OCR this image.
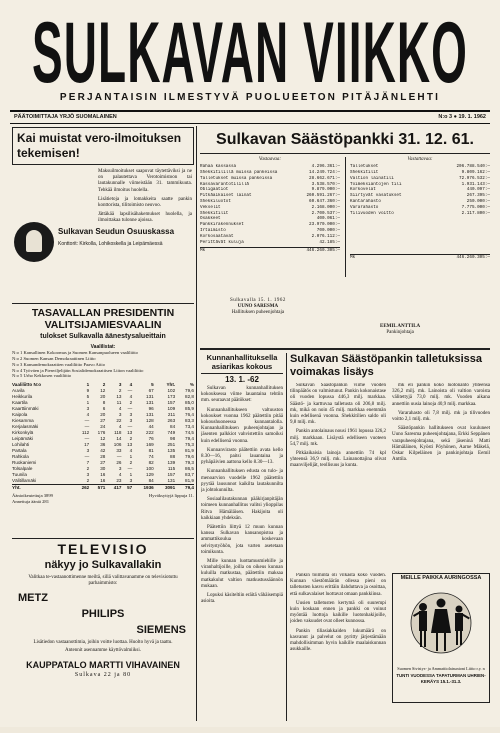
SULKAVAN VIIKKO
PERJANTAISIN ILMESTYVÄ PUOLUEETON PITÄJÄNLEHTI
PÄÄTOIMITTAJA YRJÖ SUOMALAINEN	N:o 3 ● 19. 1. 1962
Kai muistat vero-ilmoituksen tekemisen!

Maksuilmoitukset saapuvat täytettäviksi ja ne on palautettava Verotoimistoon tai lautakunnalle viimeistään 31. tammikuuta. Tehkää ilmoitus huolella.

Lisätietoja ja lomakkeita saatte pankin konttorista, tilitoimisto neuvoo.

Jättäkää lapsilisähakemukset huolella, ja ilmoittakaa tulonne ajoissa.

Sulkavan Seudun Osuuskassa
Konttorit: Kirkolla, Lohikoskella ja Leipämäessä
TASAVALLAN PRESIDENTIN VALITSIJAMIESVAALIN
tulokset Sulkavalla äänestysalueittain
Vaalilistat:
N:o 1 Kansallinen Kokoomus ja Suomen Kansanpuolueen vaaliliitto
N:o 2 Suomen Kansan Demokraattinen Liitto
N:o 3 Kansandemokraattien vaaliliitto Paavo Aitio
N:o 4 Työväen ja Pienviljelijäin Sosialidemokraattisen Liiton vaaliliitto
N:o 5 Urho Kekkosen vaaliliitto
Vaaliliitto N:o	1	2	3	4	5	Yht.	%
Auvila	9	12	2	—	67	102	79,6
Heikkurila	5	20	13	4	131	173	82,8
Kaartila	1	8	11	2	131	157	85,0
Kaarttiinmäki	3	6	4	—	96	109	85,9
Kaipola	4	20	3	3	131	211	76,4
Kiesamma	—	27	22	3	128	263	83,3
Kerjalasmäki	—	24	4	—	44	84	73,4
Kirkonkylä	112	176	118	13	222	749	74,5
Leipämäki	—	12	14	2	76	98	79,4
Lohilahti	17	36	106	13	169	251	75,3
Partala	3	42	33	4	81	135	81,9
Rahkola	—	28	—	1	74	88	79,6
Ruokaniemi	7	27	26	2	82	139	79,3
Tolsalpale	2	30	3	—	100	115	86,5
Tuunila	3	16	4	1	129	157	83,7
Välitillamäki	2	16	23	3	84	131	81,9
Yht.	262	571	417	57	1936	3091	79,4
Äänioikeutettuja 3899	Hyväksyttyjä lippuja 11.
Annettuja ääniä 281
TELEVISIO
näkyy jo Sulkavallakin
Valitkaa te-vastaanottimenne meiltä, sillä valittavanamme on televisiotuttu parhaimmisto:
METZ
PHILIPS
SIEMENS
Lisätiedon vastaanottimia, joihin voitte luottaa. Huolto hyvä ja taattu.
Antennit asennamme käyttövalmiiksi.
KAUPPATALO MARTTI VIHAVAINEN
Sulkava 22 ja 80
Sulkavan Säästöpankki 31. 12. 61.
Vastaavaa:
Rahaa kassassa	4.296.361:—
Shekkitilillä muissa pankeissa	14.249.724:—
Talletukset muissa pankeissa	28.662.671:—
Kassavarantotilillä	3.538.570:—
Obligaatiot	9.879.000:—
Pitkäaikaiset lainat	260.591.267:—
Shekkiluotot	60.647.360:—
Vekselit	2.168.000:—
Shekkitilit	2.700.537:—
Osakkeet	400.061:—
Pankkirakennukset	23.970.000:—
Irtaimisto	700.000:—
Korkosaatavat	2.076.112:—
Perittävät kuluja	42.185:—
Mk	446.260.305:—
Vastattavaa:
Talletukset	206.788.540:—
Shekkitilit	9.809.162:—
Valtion lainatili	72.976.532:—
Toimeksiantojen tili	1.931.143:—
Korkovelat	440.097:—
Siirtyvät vasatukset	267.395:—
Kantarahasto	250.000:—
Vararahasto	7.775.000:—
Tilivuoden voitto	2.117.800:—
Mk	446.260.305:—
Sulkavalla 15. 1. 1962
UUNO SARESMA
Hallituksen puheenjohtaja
EEMIL ANTTILA
Pankinjohtaja
Kunnanhallituksella asiarikas kokous
13. 1. -62

Sulkavan kunnanhallituksen kokouksessa viime lauantaina tehtiin mm. seuraavat päätökset:

Kunnanhallitukseen valtuuston kokoukset vuonna 1962 päätettiin pitää kokoushuoneessa kunnantalolla. Kunnanhallituksen puheenjohtajan ja jäsenten palkkiot vahvistettiin samoiksi kuin edellisenä vuonna.

Kunnanvirasto päätettiin avata kello 8.30—16, paitsi lauantaina ja pyhäpäivien aattona kello 8.30—13.

Kunnanhallituksen edusta on tulo- ja menoarvion vuodelle 1962 päätettiin pyytää lausunnot kaikilta lautakunnilta ja johtokunnilta.

Sosiaalilautakunnan pääkirjanpitäjän toimeen kunnanhallitus valitsi ylioppilas Ritva Hämäläisen. Hakijoita oli kaikkiaan yhdeksän.

Päätettiin liittyä 12 muun kunnan kanssa Sulkavan kansanopistoa ja ammattikoulua koskevaan selvitystyöhön, jota varten asetetaan toimikunta.

Mille kunnan luottamusmiehille ja viranhaltijoille, joilla on oikeus kunnan kuluilla matkustaa, päätettiin maksaa matkakulut valtion matkustussäännön mukaan.

Lopuksi käsiteltiin eräitä vähäisempiä asioita.

Sulkavan Säästöpankin talletuksissa voimakas lisäys

Sulkavan Säästöpankin viime vuoden tilinpäätös on valmistunut. Pankin kokonaistase oli vuoden lopussa 446,3 milj. markkaa. Säästö- ja karttuvaa talletusta oli 206,8 milj. mk, mikä on noin 45 milj. markkaa enemmän kuin edellisenä vuonna. Shekkitilien saldo oli 9,8 milj. mk.

Pankin antolainaus nousi 1961 lopussa 326,2 milj. markkaan. Lisäystä edelliseen vuoteen 54,7 milj. mk.

Pitkäaikaisia lainoja annettiin 74 kpl yhteensä 36,9 milj. mk. Lainanottajina olivat maanviljelijät, teollisuus ja kunta.

mk eli pankin koko luotonanto yhteensä 326,2 milj. mk. Lainoista oli valtion varoista välitettyjä 73,0 milj. mk. Vuoden aikana annettiin uusia lainoja 40,9 milj. markkaa.

Vararahasto oli 7,8 milj. mk ja tilivuoden voitto 2,1 milj. mk.

Säästöpankin hallitukseen ovat kuuluneet Uuno Saresma puheenjohtajana, Erkki Seppänen varapuheenjohtajana, sekä jäseninä Matti Hämäläinen, Kyösti Pöyhönen, Aarne Mäkelä, Oskar Kilpeläinen ja pankinjohtaja Eemil Anttila.

Pankin toiminta oli vilkasta koko vuoden. Kunnan väestömäärän ollessa pieni on talletusten kasvu erittäin ilahduttava ja osoittaa, että sulkavalaiset luottavat omaan pankkiinsa.

Uusien talletusten kertymä oli suurempi kuin koskaan ennen ja pankki on voinut myöntää luottoja kaikille luotonhakijoille, joiden vakuudet ovat olleet kunnossa.

Pankin tiliasiakkaiden lukumäärä on kasvanut ja palvelut on pyritty järjestämään mahdollisimman hyvin kaikille maalaiskunnan asukkaille.

MEILLE PAIKKA AURINGOSSA
Suomen Sivistys- ja Ammattiolaisunioni Liitto r.y. n
TUNTI VUODESSA TAPATURMAN UHRIEN-KERÄYS 15.1.-31.3.
